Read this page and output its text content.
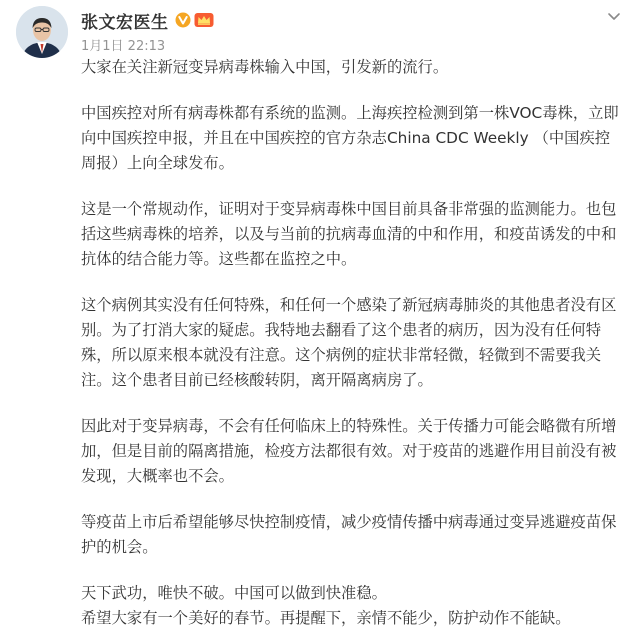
张文宏医生
1月1日 22:13

大家在关注新冠变异病毒株输入中国，引发新的流行。

中国疾控对所有病毒株都有系统的监测。上海疾控检测到第一株VOC毒株，立即向中国疾控申报，并且在中国疾控的官方杂志China CDC Weekly （中国疾控周报）上向全球发布。

这是一个常规动作，证明对于变异病毒株中国目前具备非常强的监测能力。也包括这些病毒株的培养，以及与当前的抗病毒血清的中和作用，和疫苗诱发的中和抗体的结合能力等。这些都在监控之中。

这个病例其实没有任何特殊，和任何一个感染了新冠病毒肺炎的其他患者没有区别。为了打消大家的疑虑。我特地去翻看了这个患者的病历，因为没有任何特殊，所以原来根本就没有注意。这个病例的症状非常轻微，轻微到不需要我关注。这个患者目前已经核酸转阴，离开隔离病房了。

因此对于变异病毒，不会有任何临床上的特殊性。关于传播力可能会略微有所增加，但是目前的隔离措施，检疫方法都很有效。对于疫苗的逃避作用目前没有被发现，大概率也不会。

等疫苗上市后希望能够尽快控制疫情，减少疫情传播中病毒通过变异逃避疫苗保护的机会。

天下武功，唯快不破。中国可以做到快准稳。

希望大家有一个美好的春节。再提醒下，亲情不能少，防护动作不能缺。
